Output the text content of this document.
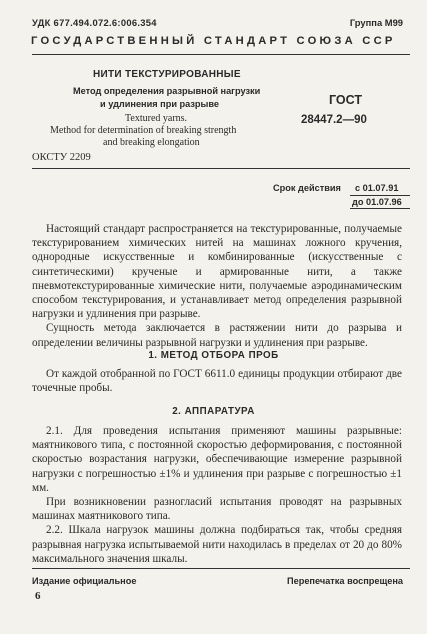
УДК 677.494.072.6:006.354	Группа М99
ГОСУДАРСТВЕННЫЙ СТАНДАРТ СОЮЗА ССР
НИТИ ТЕКСТУРИРОВАННЫЕ
Метод определения разрывной нагрузки
и удлинения при разрыве
Textured yarns.
Method for determination of breaking strength
and breaking elongation
ГОСТ
28447.2—90
ОКСТУ 2209
Срок действия с 01.07.91
до 01.07.96

Настоящий стандарт распространяется на текстурированные, получаемые текстурированием химических нитей на машинах ложного кручения, однородные искусственные и комбинированные (искусственные с синтетическими) крученые и армированные нити, а также пневмотекстурированные химические нити, получаемые аэродинамическим способом текстурирования, и устанавливает метод определения разрывной нагрузки и удлинения при разрыве.

Сущность метода заключается в растяжении нити до разрыва и определении величины разрывной нагрузки и удлинения при разрыве.

1. МЕТОД ОТБОРА ПРОБ

От каждой отобранной по ГОСТ 6611.0 единицы продукции отбирают две точечные пробы.

2. АППАРАТУРА

2.1. Для проведения испытания применяют машины разрывные: маятникового типа, с постоянной скоростью деформирования, с постоянной скоростью возрастания нагрузки, обеспечивающие измерение разрывной нагрузки с погрешностью ±1% и удлинения при разрыве с погрешностью ±1 мм.

При возникновении разногласий испытания проводят на разрывных машинах маятникового типа.

2.2. Шкала нагрузок машины должна подбираться так, чтобы средняя разрывная нагрузка испытываемой нити находилась в пределах от 20 до 80% максимального значения шкалы.

Издание официальное	Перепечатка воспрещена
6
